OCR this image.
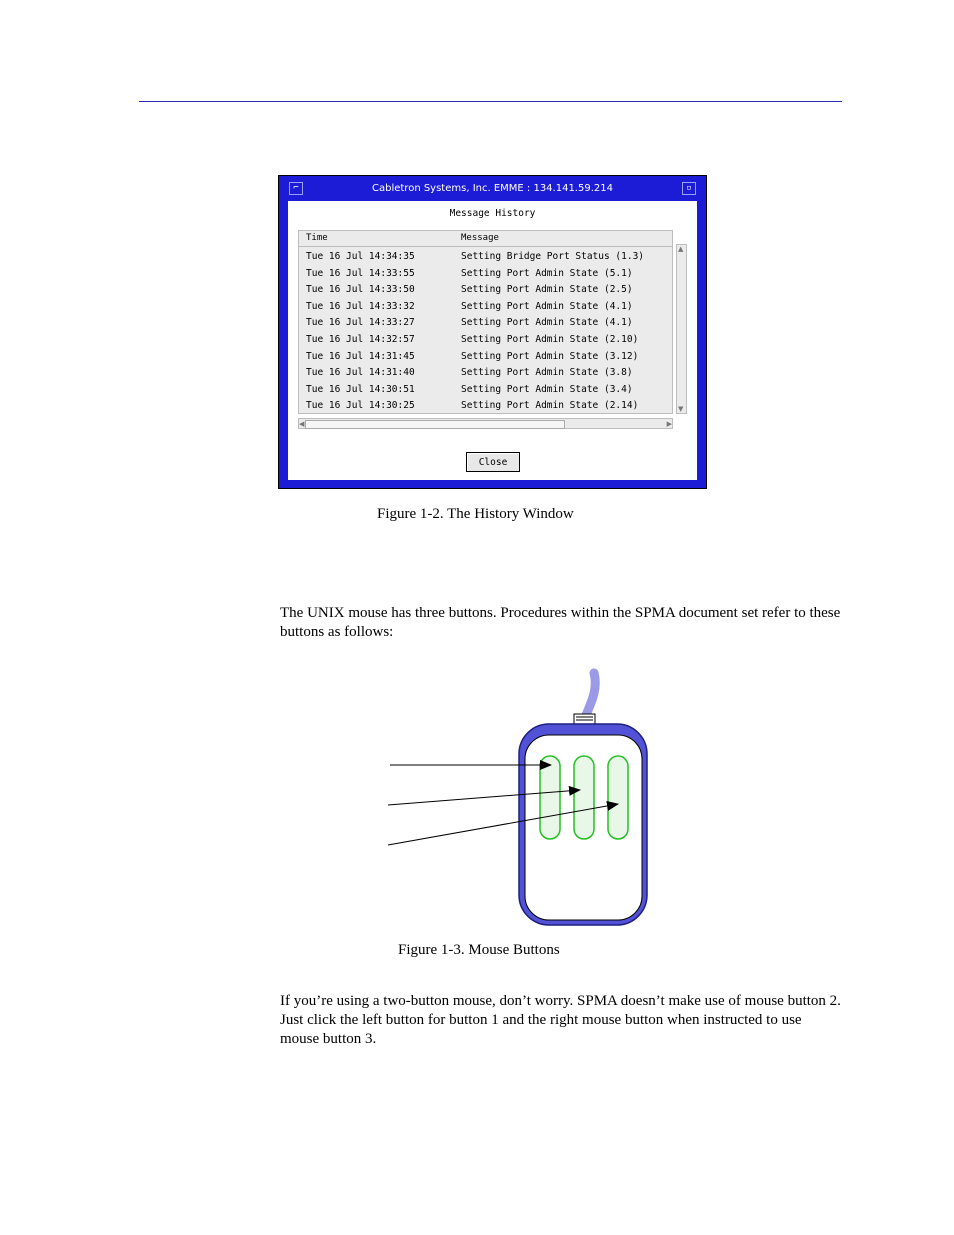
⌐	Cabletron Systems, Inc. EMME : 134.141.59.214	▫
Message History
Time	Message
Tue 16 Jul 14:34:35	Setting Bridge Port Status (1.3)
Tue 16 Jul 14:33:55	Setting Port Admin State (5.1)
Tue 16 Jul 14:33:50	Setting Port Admin State (2.5)
Tue 16 Jul 14:33:32	Setting Port Admin State (4.1)
Tue 16 Jul 14:33:27	Setting Port Admin State (4.1)
Tue 16 Jul 14:32:57	Setting Port Admin State (2.10)
Tue 16 Jul 14:31:45	Setting Port Admin State (3.12)
Tue 16 Jul 14:31:40	Setting Port Admin State (3.8)
Tue 16 Jul 14:30:51	Setting Port Admin State (3.4)
Tue 16 Jul 14:30:25	Setting Port Admin State (2.14)
▲
▼
◀	▶
Close
Figure 1-2. The History Window

The UNIX mouse has three buttons. Procedures within the SPMA document set refer to these buttons as follows:

Figure 1-3. Mouse Buttons

If you’re using a two-button mouse, don’t worry. SPMA doesn’t make use of mouse button 2. Just click the left button for button 1 and the right mouse button when instructed to use mouse button 3.
